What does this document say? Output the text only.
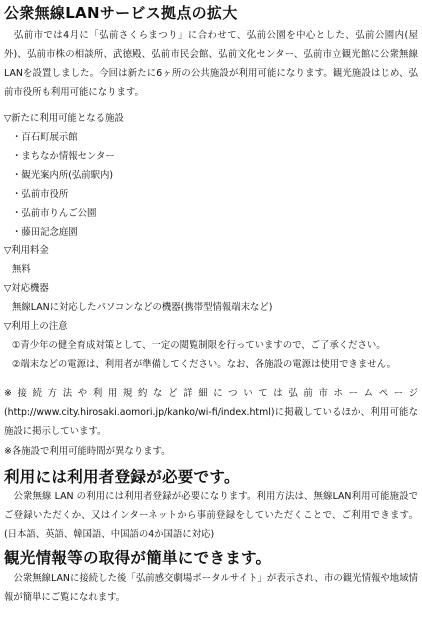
公衆無線LANサービス拠点の拡大
　弘前市では4月に「弘前さくらまつり」に合わせて、弘前公園を中心とした、弘前公園内(屋外)、弘前市株の相談所、武徳殿、弘前市民会館、弘前文化センター、弘前市立観光館に公衆無線LANを設置しました。今回は新たに6ヶ所の公共施設が利用可能になります。観光施設はじめ、弘前市役所も利用可能になります。
▽新たに利用可能となる施設
・百石町展示館
・まちなか情報センター
・観光案内所(弘前駅内)
・弘前市役所
・弘前市りんご公園
・藤田記念庭園
▽利用料金
無料
▽対応機器
無線LANに対応したパソコンなどの機器(携帯型情報端末など)
▽利用上の注意
①青少年の健全育成対策として、一定の閲覧制限を行っていますので、ご了承ください。
②端末などの電源は、利用者が準備してください。なお、各施設の電源は使用できません。
※接続方法や利用規約など詳細については弘前市ホームページ(http://www.city.hirosaki.aomori.jp/kanko/wi-fi/index.html)に掲載しているほか、利用可能な施設に掲示しています。
※各施設で利用可能時間が異なります。
利用には利用者登録が必要です。
　公衆無線 LAN の利用には利用者登録が必要になります。利用方法は、無線LAN利用可能施設でご登録いただくか、又はインターネットから事前登録をしていただくことで、ご利用できます。(日本語、英語、韓国語、中国語の4か国語に対応)
観光情報等の取得が簡単にできます。
　公衆無線LANに接続した後「弘前感交劇場ポータルサイト」が表示され、市の観光情報や地域情報が簡単にご覧になれます。
